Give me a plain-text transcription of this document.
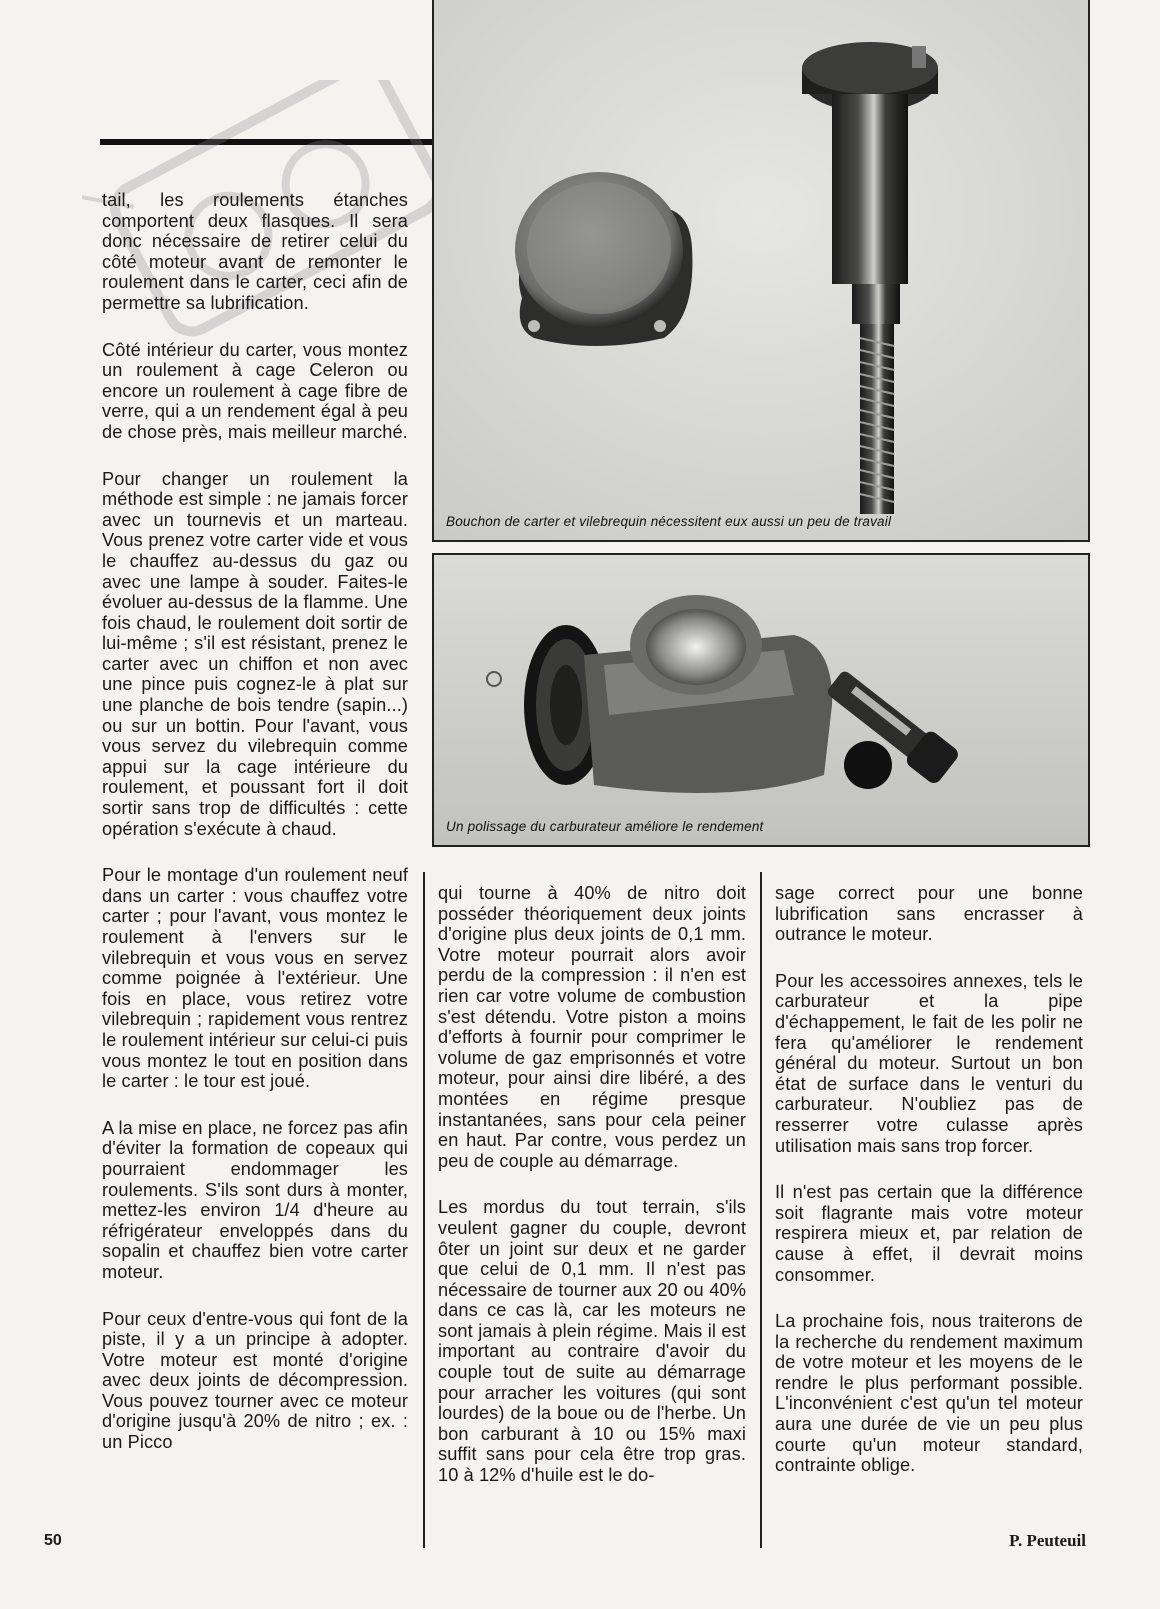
Bouchon de carter et vilebrequin nécessitent eux aussi un peu de travail
Un polissage du carburateur améliore le rendement

tail, les roulements étanches comportent deux flasques. Il sera donc nécessaire de retirer celui du côté moteur avant de remonter le roulement dans le carter, ceci afin de permettre sa lubrification.

Côté intérieur du carter, vous montez un roulement à cage Celeron ou encore un roulement à cage fibre de verre, qui a un rendement égal à peu de chose près, mais meilleur marché.

Pour changer un roulement la méthode est simple : ne jamais forcer avec un tournevis et un marteau. Vous prenez votre carter vide et vous le chauffez au-dessus du gaz ou avec une lampe à souder. Faites-le évoluer au-dessus de la flamme. Une fois chaud, le roulement doit sortir de lui-même ; s'il est résistant, prenez le carter avec un chiffon et non avec une pince puis cognez-le à plat sur une planche de bois tendre (sapin...) ou sur un bottin. Pour l'avant, vous vous servez du vilebrequin comme appui sur la cage intérieure du roulement, et poussant fort il doit sortir sans trop de difficultés : cette opération s'exécute à chaud.

Pour le montage d'un roulement neuf dans un carter : vous chauffez votre carter ; pour l'avant, vous montez le roulement à l'envers sur le vilebrequin et vous vous en servez comme poignée à l'extérieur. Une fois en place, vous retirez votre vilebrequin ; rapidement vous rentrez le roulement intérieur sur celui-ci puis vous montez le tout en position dans le carter : le tour est joué.

A la mise en place, ne forcez pas afin d'éviter la formation de copeaux qui pourraient endommager les roulements. S'ils sont durs à monter, mettez-les environ 1/4 d'heure au réfrigérateur enveloppés dans du sopalin et chauffez bien votre carter moteur.

Pour ceux d'entre-vous qui font de la piste, il y a un principe à adopter. Votre moteur est monté d'origine avec deux joints de décompression. Vous pouvez tourner avec ce moteur d'origine jusqu'à 20% de nitro ; ex. : un Picco

qui tourne à 40% de nitro doit posséder théoriquement deux joints d'origine plus deux joints de 0,1 mm. Votre moteur pourrait alors avoir perdu de la compression : il n'en est rien car votre volume de combustion s'est détendu. Votre piston a moins d'efforts à fournir pour comprimer le volume de gaz emprisonnés et votre moteur, pour ainsi dire libéré, a des montées en régime presque instantanées, sans pour cela peiner en haut. Par contre, vous perdez un peu de couple au démarrage.

Les mordus du tout terrain, s'ils veulent gagner du couple, devront ôter un joint sur deux et ne garder que celui de 0,1 mm. Il n'est pas nécessaire de tourner aux 20 ou 40% dans ce cas là, car les moteurs ne sont jamais à plein régime. Mais il est important au contraire d'avoir du couple tout de suite au démarrage pour arracher les voitures (qui sont lourdes) de la boue ou de l'herbe. Un bon carburant à 10 ou 15% maxi suffit sans pour cela être trop gras. 10 à 12% d'huile est le do-

sage correct pour une bonne lubrification sans encrasser à outrance le moteur.

Pour les accessoires annexes, tels le carburateur et la pipe d'échappement, le fait de les polir ne fera qu'améliorer le rendement général du moteur. Surtout un bon état de surface dans le venturi du carburateur. N'oubliez pas de resserrer votre culasse après utilisation mais sans trop forcer.

Il n'est pas certain que la différence soit flagrante mais votre moteur respirera mieux et, par relation de cause à effet, il devrait moins consommer.

La prochaine fois, nous traiterons de la recherche du rendement maximum de votre moteur et les moyens de le rendre le plus performant possible. L'inconvénient c'est qu'un tel moteur aura une durée de vie un peu plus courte qu'un moteur standard, contrainte oblige.

50	P. Peuteuil
